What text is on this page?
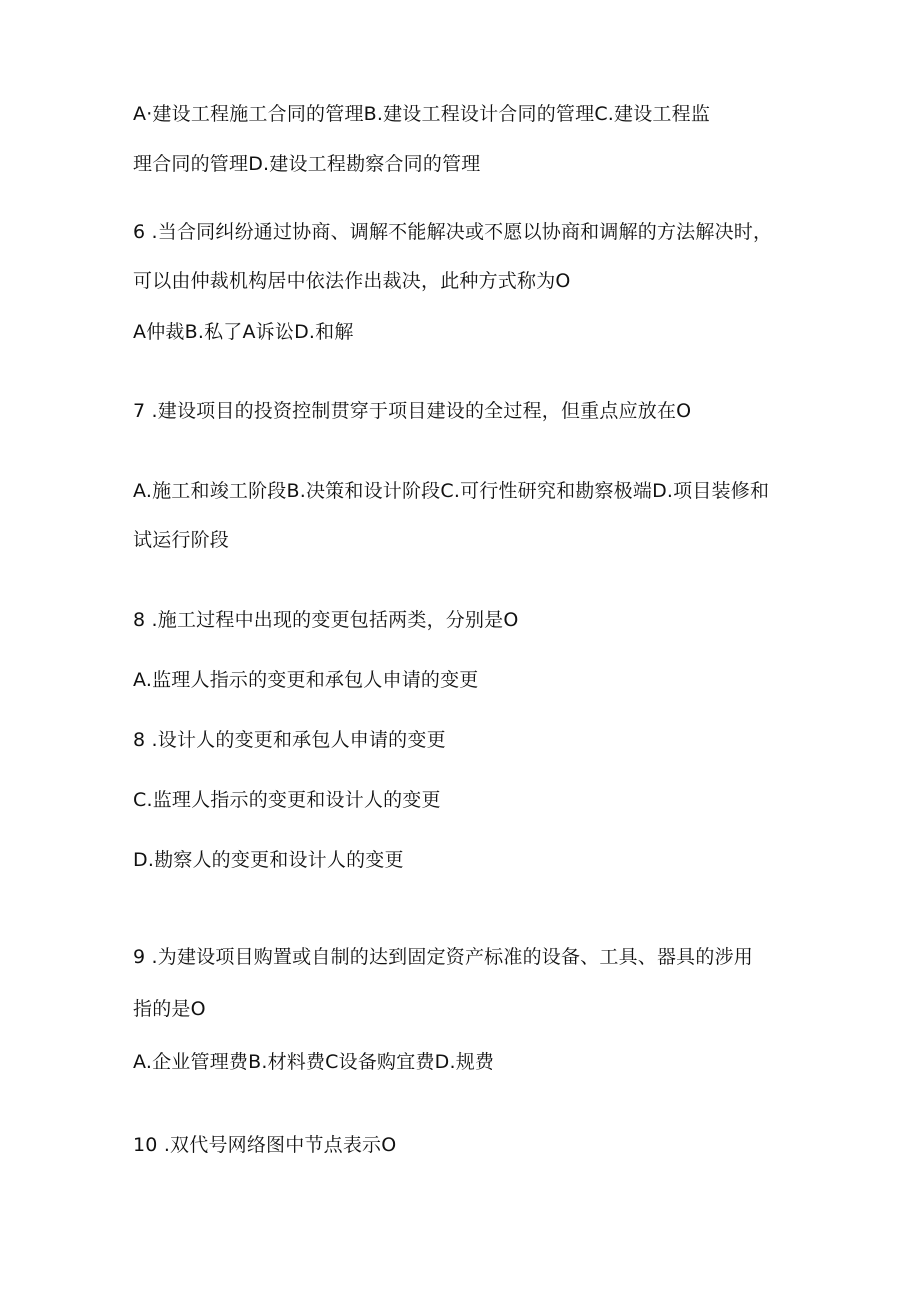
A·建设工程施工合同的管理B.建设工程设计合同的管理C.建设工程监
理合同的管理D.建设工程勘察合同的管理
6 .当合同纠纷通过协商、调解不能解决或不愿以协商和调解的方法解决时，
可以由仲裁机构居中依法作出裁决，此种方式称为O
A仲裁B.私了A诉讼D.和解
7 .建设项目的投资控制贯穿于项目建设的全过程，但重点应放在O
A.施工和竣工阶段B.决策和设计阶段C.可行性研究和勘察极端D.项目装修和
试运行阶段
8 .施工过程中出现的变更包括两类，分别是O
A.监理人指示的变更和承包人申请的变更
8 .设计人的变更和承包人申请的变更
C.监理人指示的变更和设计人的变更
D.勘察人的变更和设计人的变更
9 .为建设项目购置或自制的达到固定资产标准的设备、工具、器具的涉用
指的是O
A.企业管理费B.材料费C设备购宜费D.规费
10 .双代号网络图中节点表示O
